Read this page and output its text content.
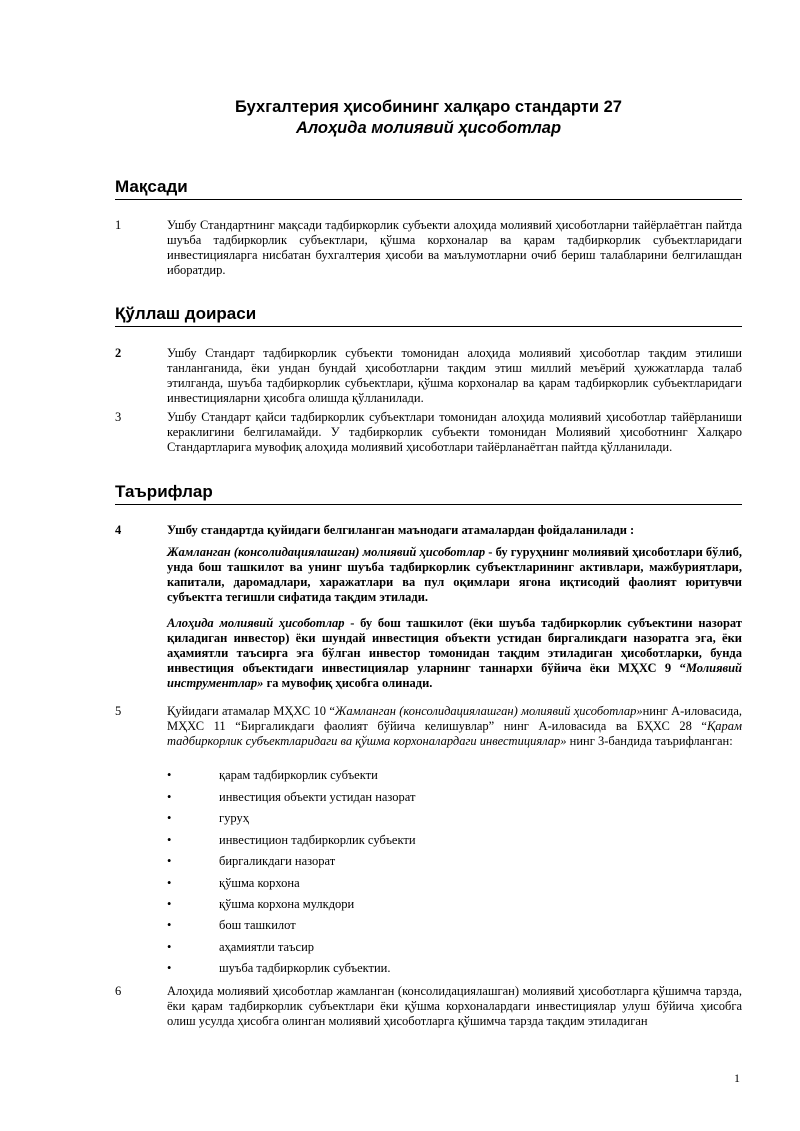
Бухгалтерия ҳисобининг халқаро стандарти 27
Алоҳида молиявий ҳисоботлар
Мақсади
1	Ушбу Стандартнинг мақсади тадбиркорлик субъекти алоҳида молиявий ҳисоботларни тайёрлаётган пайтда шуъба тадбиркорлик субъектлари, қўшма корхоналар ва қарам тадбиркорлик субъектларидаги инвестицияларга нисбатан бухгалтерия ҳисоби ва маълумотларни очиб бериш талабларини белгилашдан иборатдир.
Қўллаш доираси
2	Ушбу Стандарт тадбиркорлик субъекти томонидан алоҳида молиявий ҳисоботлар тақдим этилиши танланганида, ёки ундан бундай ҳисоботларни тақдим этиш миллий меъёрий ҳужжатларда талаб этилганда, шуъба тадбиркорлик субъектлари, қўшма корхоналар ва қарам тадбиркорлик субъектларидаги инвестицияларни ҳисобга олишда қўлланилади.
3	Ушбу Стандарт қайси тадбиркорлик субъектлари томонидан алоҳида молиявий ҳисоботлар тайёрланиши кераклигини белгиламайди. У тадбиркорлик субъекти томонидан Молиявий ҳисоботнинг Халқаро Стандартларига мувофиқ алоҳида молиявий ҳисоботлари тайёрланаётган пайтда қўлланилади.
Таърифлар
4	Ушбу стандартда қуйидаги белгиланган маънодаги атамалардан фойдаланилади :
Жамланган (консолидациялашган) молиявий ҳисоботлар - бу гуруҳнинг молиявий ҳисоботлари бўлиб, унда бош ташкилот ва унинг шуъба тадбиркорлик субъектларининг активлари, мажбуриятлари, капитали, даромадлари, харажатлари ва пул оқимлари ягона иқтисодий фаолият юритувчи субъектга тегишли сифатида тақдим этилади.
Алоҳида молиявий ҳисоботлар - бу бош ташкилот (ёки шуъба тадбиркорлик субъектини назорат қиладиган инвестор) ёки шундай инвестиция объекти устидан биргаликдаги назоратга эга, ёки аҳамиятли таъсирга эга бўлган инвестор томонидан тақдим этиладиган ҳисоботларки, бунда инвестиция объектидаги инвестициялар уларнинг таннархи бўйича ёки МҲХС 9 “Молиявий инструментлар» га мувофиқ ҳисобга олинади.
5	Қуйидаги атамалар МҲХС 10 “Жамланган (консолидациялашган) молиявий ҳисоботлар»нинг А-иловасида, МҲХС 11 “Биргаликдаги фаолият бўйича келишувлар” нинг А-иловасида ва БҲХС 28 “Қарам тадбиркорлик субъектларидаги ва қўшма корхоналардаги инвестициялар» нинг 3-бандида таърифланган:
•	қарам тадбиркорлик субъекти
•	инвестиция объекти устидан назорат
•	гуруҳ
•	инвестицион тадбиркорлик субъекти
•	биргаликдаги назорат
•	қўшма корхона
•	қўшма корхона мулкдори
•	бош ташкилот
•	аҳамиятли таъсир
•	шуъба тадбиркорлик субъектии.
6	Алоҳида молиявий ҳисоботлар жамланган (консолидациялашган) молиявий ҳисоботларга қўшимча тарзда, ёки қарам тадбиркорлик субъектлари ёки қўшма корхоналардаги инвестициялар улуш бўйича ҳисобга олиш усулда ҳисобга олинган молиявий ҳисоботларга қўшимча тарзда тақдим этиладиган
1
